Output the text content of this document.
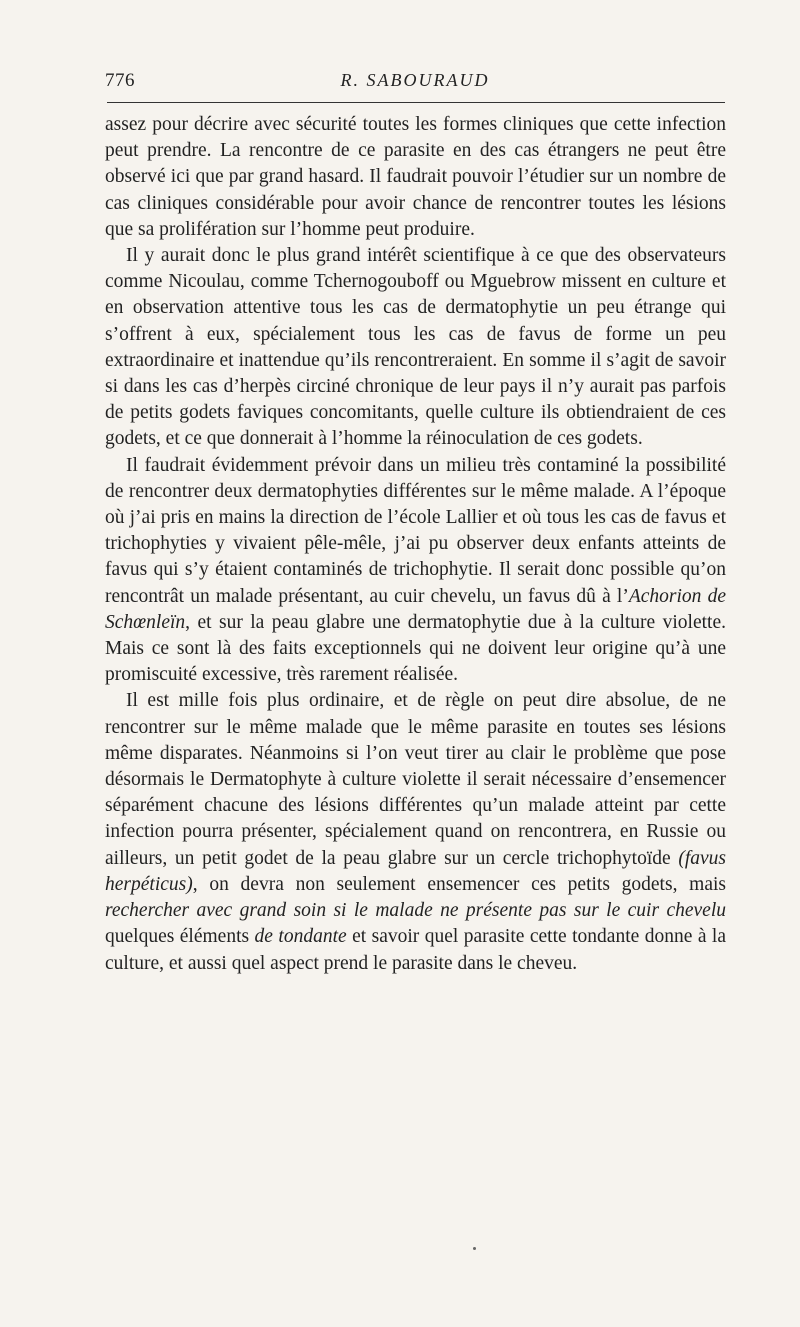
776	R. SABOURAUD

assez pour décrire avec sécurité toutes les formes cliniques que cette infection peut prendre. La rencontre de ce parasite en des cas étrangers ne peut être observé ici que par grand hasard. Il faudrait pouvoir l’étudier sur un nombre de cas cliniques considérable pour avoir chance de rencontrer toutes les lésions que sa prolifération sur l’homme peut produire.

Il y aurait donc le plus grand intérêt scientifique à ce que des observateurs comme Nicoulau, comme Tchernogouboff ou Mguebrow missent en culture et en observation attentive tous les cas de dermatophytie un peu étrange qui s’offrent à eux, spécialement tous les cas de favus de forme un peu extraordinaire et inattendue qu’ils rencontreraient. En somme il s’agit de savoir si dans les cas d’herpès circiné chronique de leur pays il n’y aurait pas parfois de petits godets faviques concomitants, quelle culture ils obtiendraient de ces godets, et ce que donnerait à l’homme la réinoculation de ces godets.

Il faudrait évidemment prévoir dans un milieu très contaminé la possibilité de rencontrer deux dermatophyties différentes sur le même malade. A l’époque où j’ai pris en mains la direction de l’école Lallier et où tous les cas de favus et trichophyties y vivaient pêle-mêle, j’ai pu observer deux enfants atteints de favus qui s’y étaient contaminés de trichophytie. Il serait donc possible qu’on rencontrât un malade présentant, au cuir chevelu, un favus dû à l’Achorion de Schœnleïn, et sur la peau glabre une dermatophytie due à la culture violette. Mais ce sont là des faits exceptionnels qui ne doivent leur origine qu’à une promiscuité excessive, très rarement réalisée.

Il est mille fois plus ordinaire, et de règle on peut dire absolue, de ne rencontrer sur le même malade que le même parasite en toutes ses lésions même disparates. Néanmoins si l’on veut tirer au clair le problème que pose désormais le Dermatophyte à culture violette il serait nécessaire d’ensemencer séparément chacune des lésions différentes qu’un malade atteint par cette infection pourra présenter, spécialement quand on rencontrera, en Russie ou ailleurs, un petit godet de la peau glabre sur un cercle trichophytoïde (favus herpéticus), on devra non seulement ensemencer ces petits godets, mais rechercher avec grand soin si le malade ne présente pas sur le cuir chevelu quelques éléments de tondante et savoir quel parasite cette tondante donne à la culture, et aussi quel aspect prend le parasite dans le cheveu.
